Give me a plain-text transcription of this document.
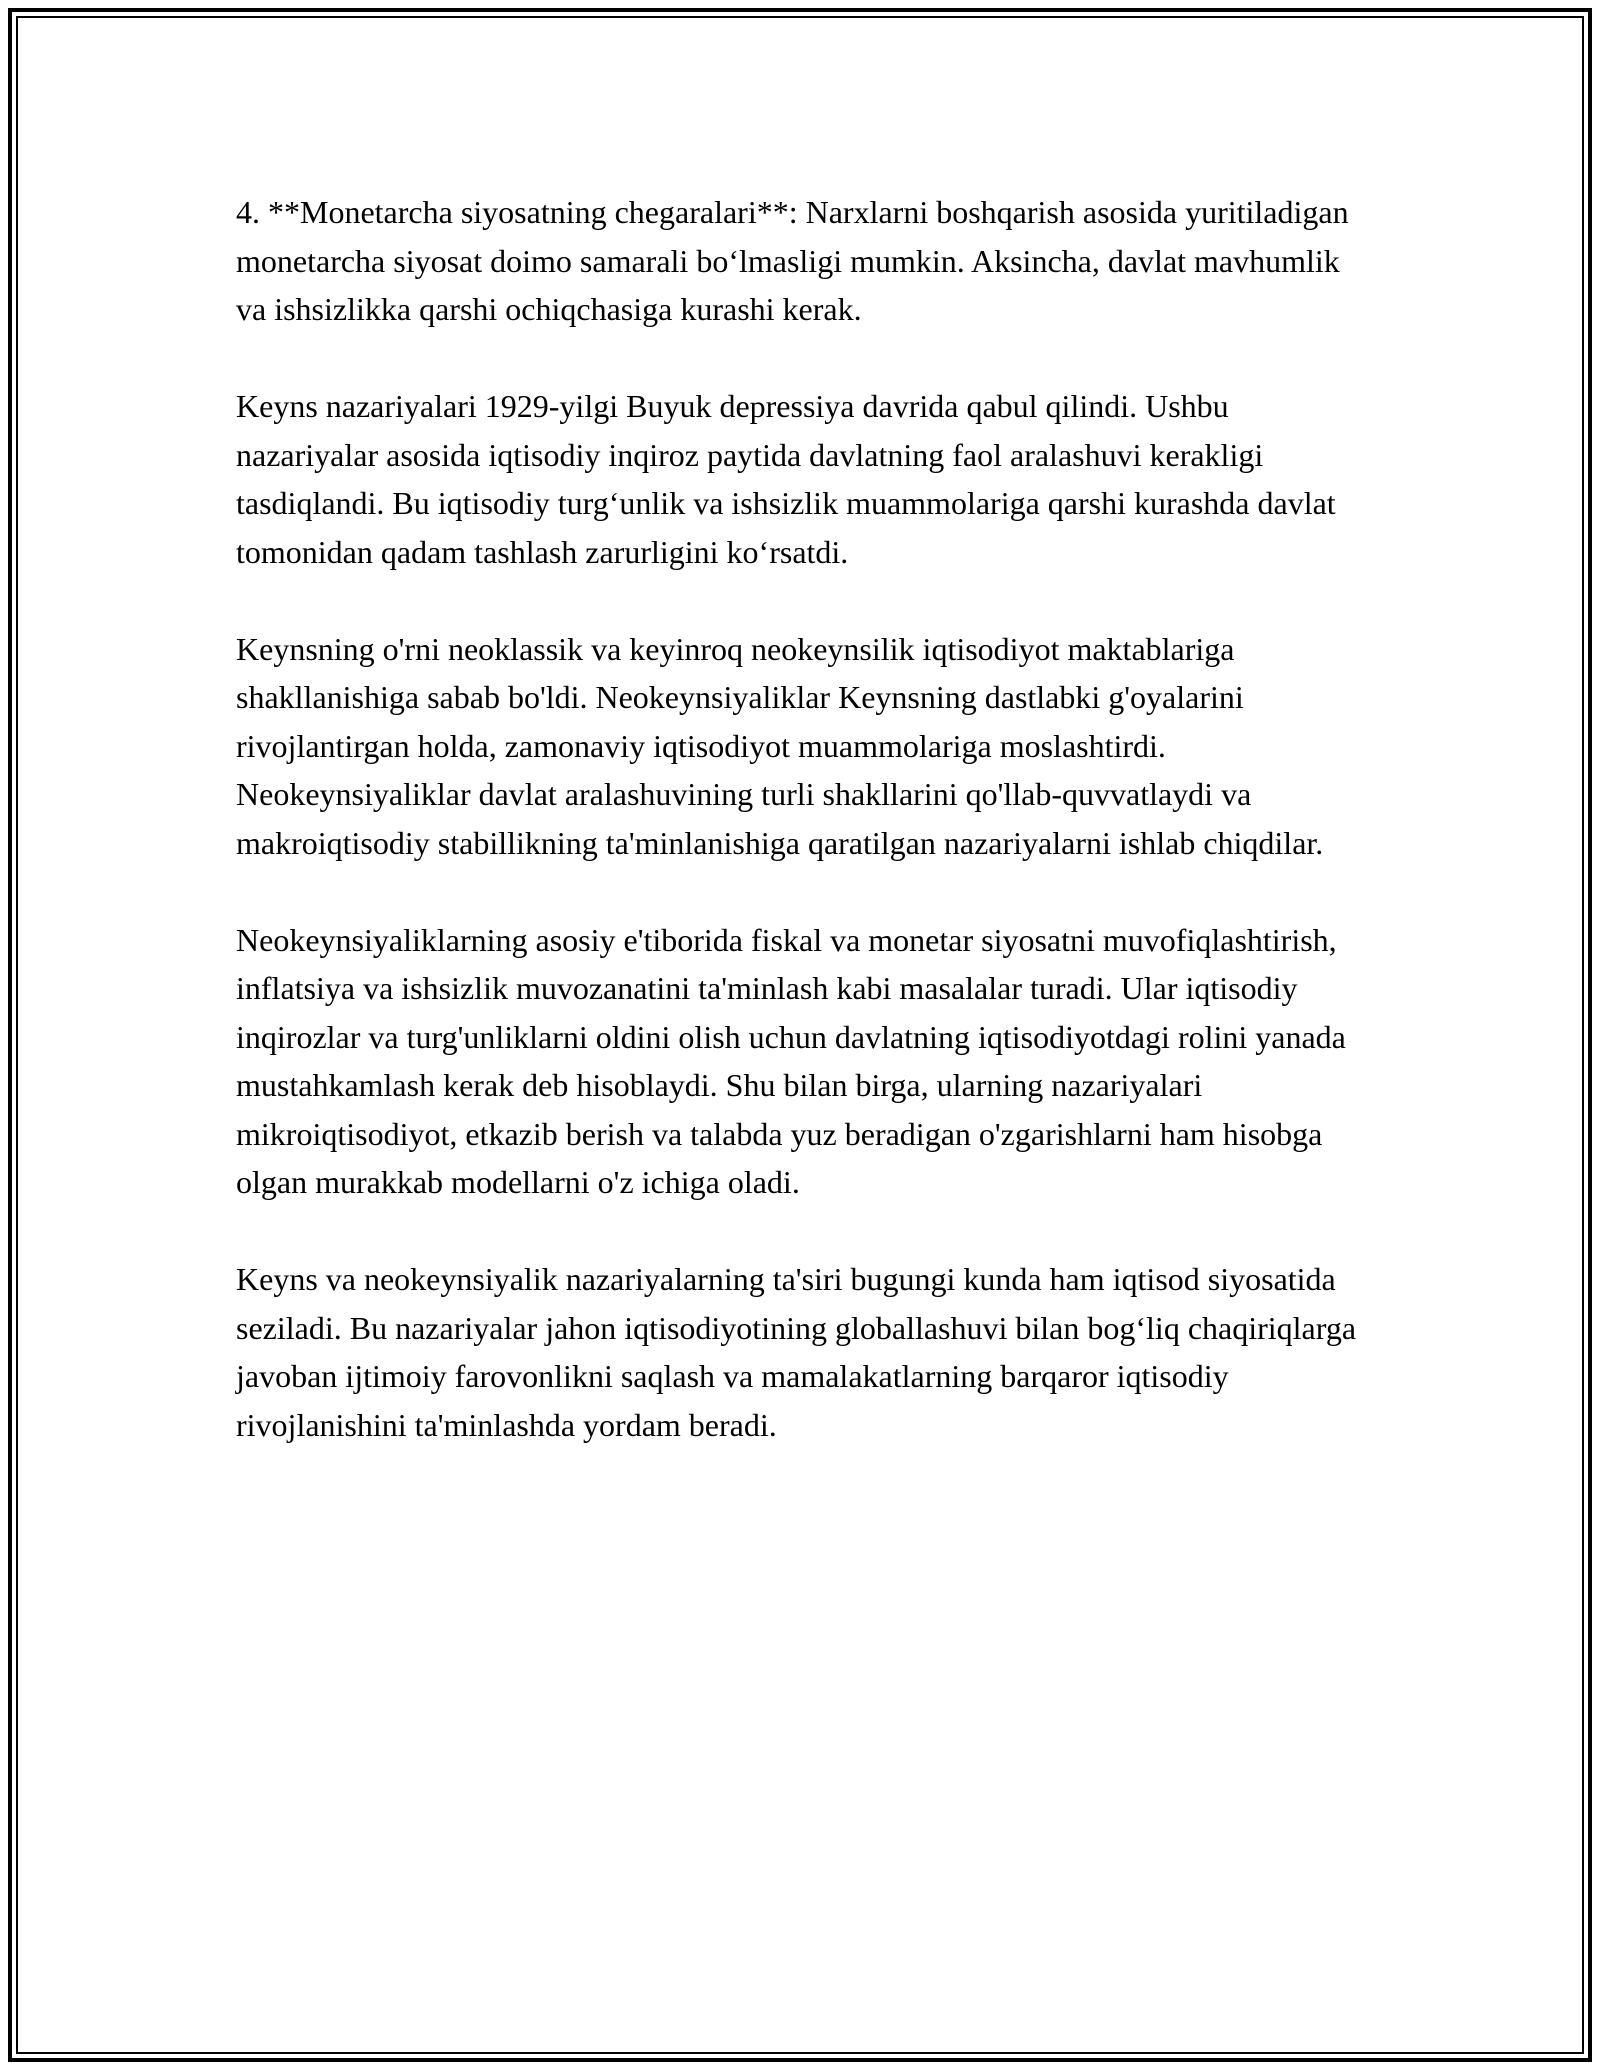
4. **Monetarcha siyosatning chegaralari**: Narxlarni boshqarish asosida yuritiladigan monetarcha siyosat doimo samarali bo‘lmasligi mumkin. Aksincha, davlat mavhumlik va ishsizlikka qarshi ochiqchasiga kurashi kerak.

Keyns nazariyalari 1929-yilgi Buyuk depressiya davrida qabul qilindi. Ushbu nazariyalar asosida iqtisodiy inqiroz paytida davlatning faol aralashuvi kerakligi tasdiqlandi. Bu iqtisodiy turg‘unlik va ishsizlik muammolariga qarshi kurashda davlat tomonidan qadam tashlash zarurligini ko‘rsatdi.

Keynsning o'rni neoklassik va keyinroq neokeynsilik iqtisodiyot maktablariga shakllanishiga sabab bo'ldi. Neokeynsiyaliklar Keynsning dastlabki g'oyalarini rivojlantirgan holda, zamonaviy iqtisodiyot muammolariga moslashtirdi. Neokeynsiyaliklar davlat aralashuvining turli shakllarini qo'llab-quvvatlaydi va makroiqtisodiy stabillikning ta'minlanishiga qaratilgan nazariyalarni ishlab chiqdilar.

Neokeynsiyaliklarning asosiy e'tiborida fiskal va monetar siyosatni muvofiqlashtirish, inflatsiya va ishsizlik muvozanatini ta'minlash kabi masalalar turadi. Ular iqtisodiy inqirozlar va turg'unliklarni oldini olish uchun davlatning iqtisodiyotdagi rolini yanada mustahkamlash kerak deb hisoblaydi. Shu bilan birga, ularning nazariyalari mikroiqtisodiyot, etkazib berish va talabda yuz beradigan o'zgarishlarni ham hisobga olgan murakkab modellarni o'z ichiga oladi.

Keyns va neokeynsiyalik nazariyalarning ta'siri bugungi kunda ham iqtisod siyosatida seziladi. Bu nazariyalar jahon iqtisodiyotining globallashuvi bilan bog‘liq chaqiriqlarga javoban ijtimoiy farovonlikni saqlash va mamalakatlarning barqaror iqtisodiy rivojlanishini ta'minlashda yordam beradi.
